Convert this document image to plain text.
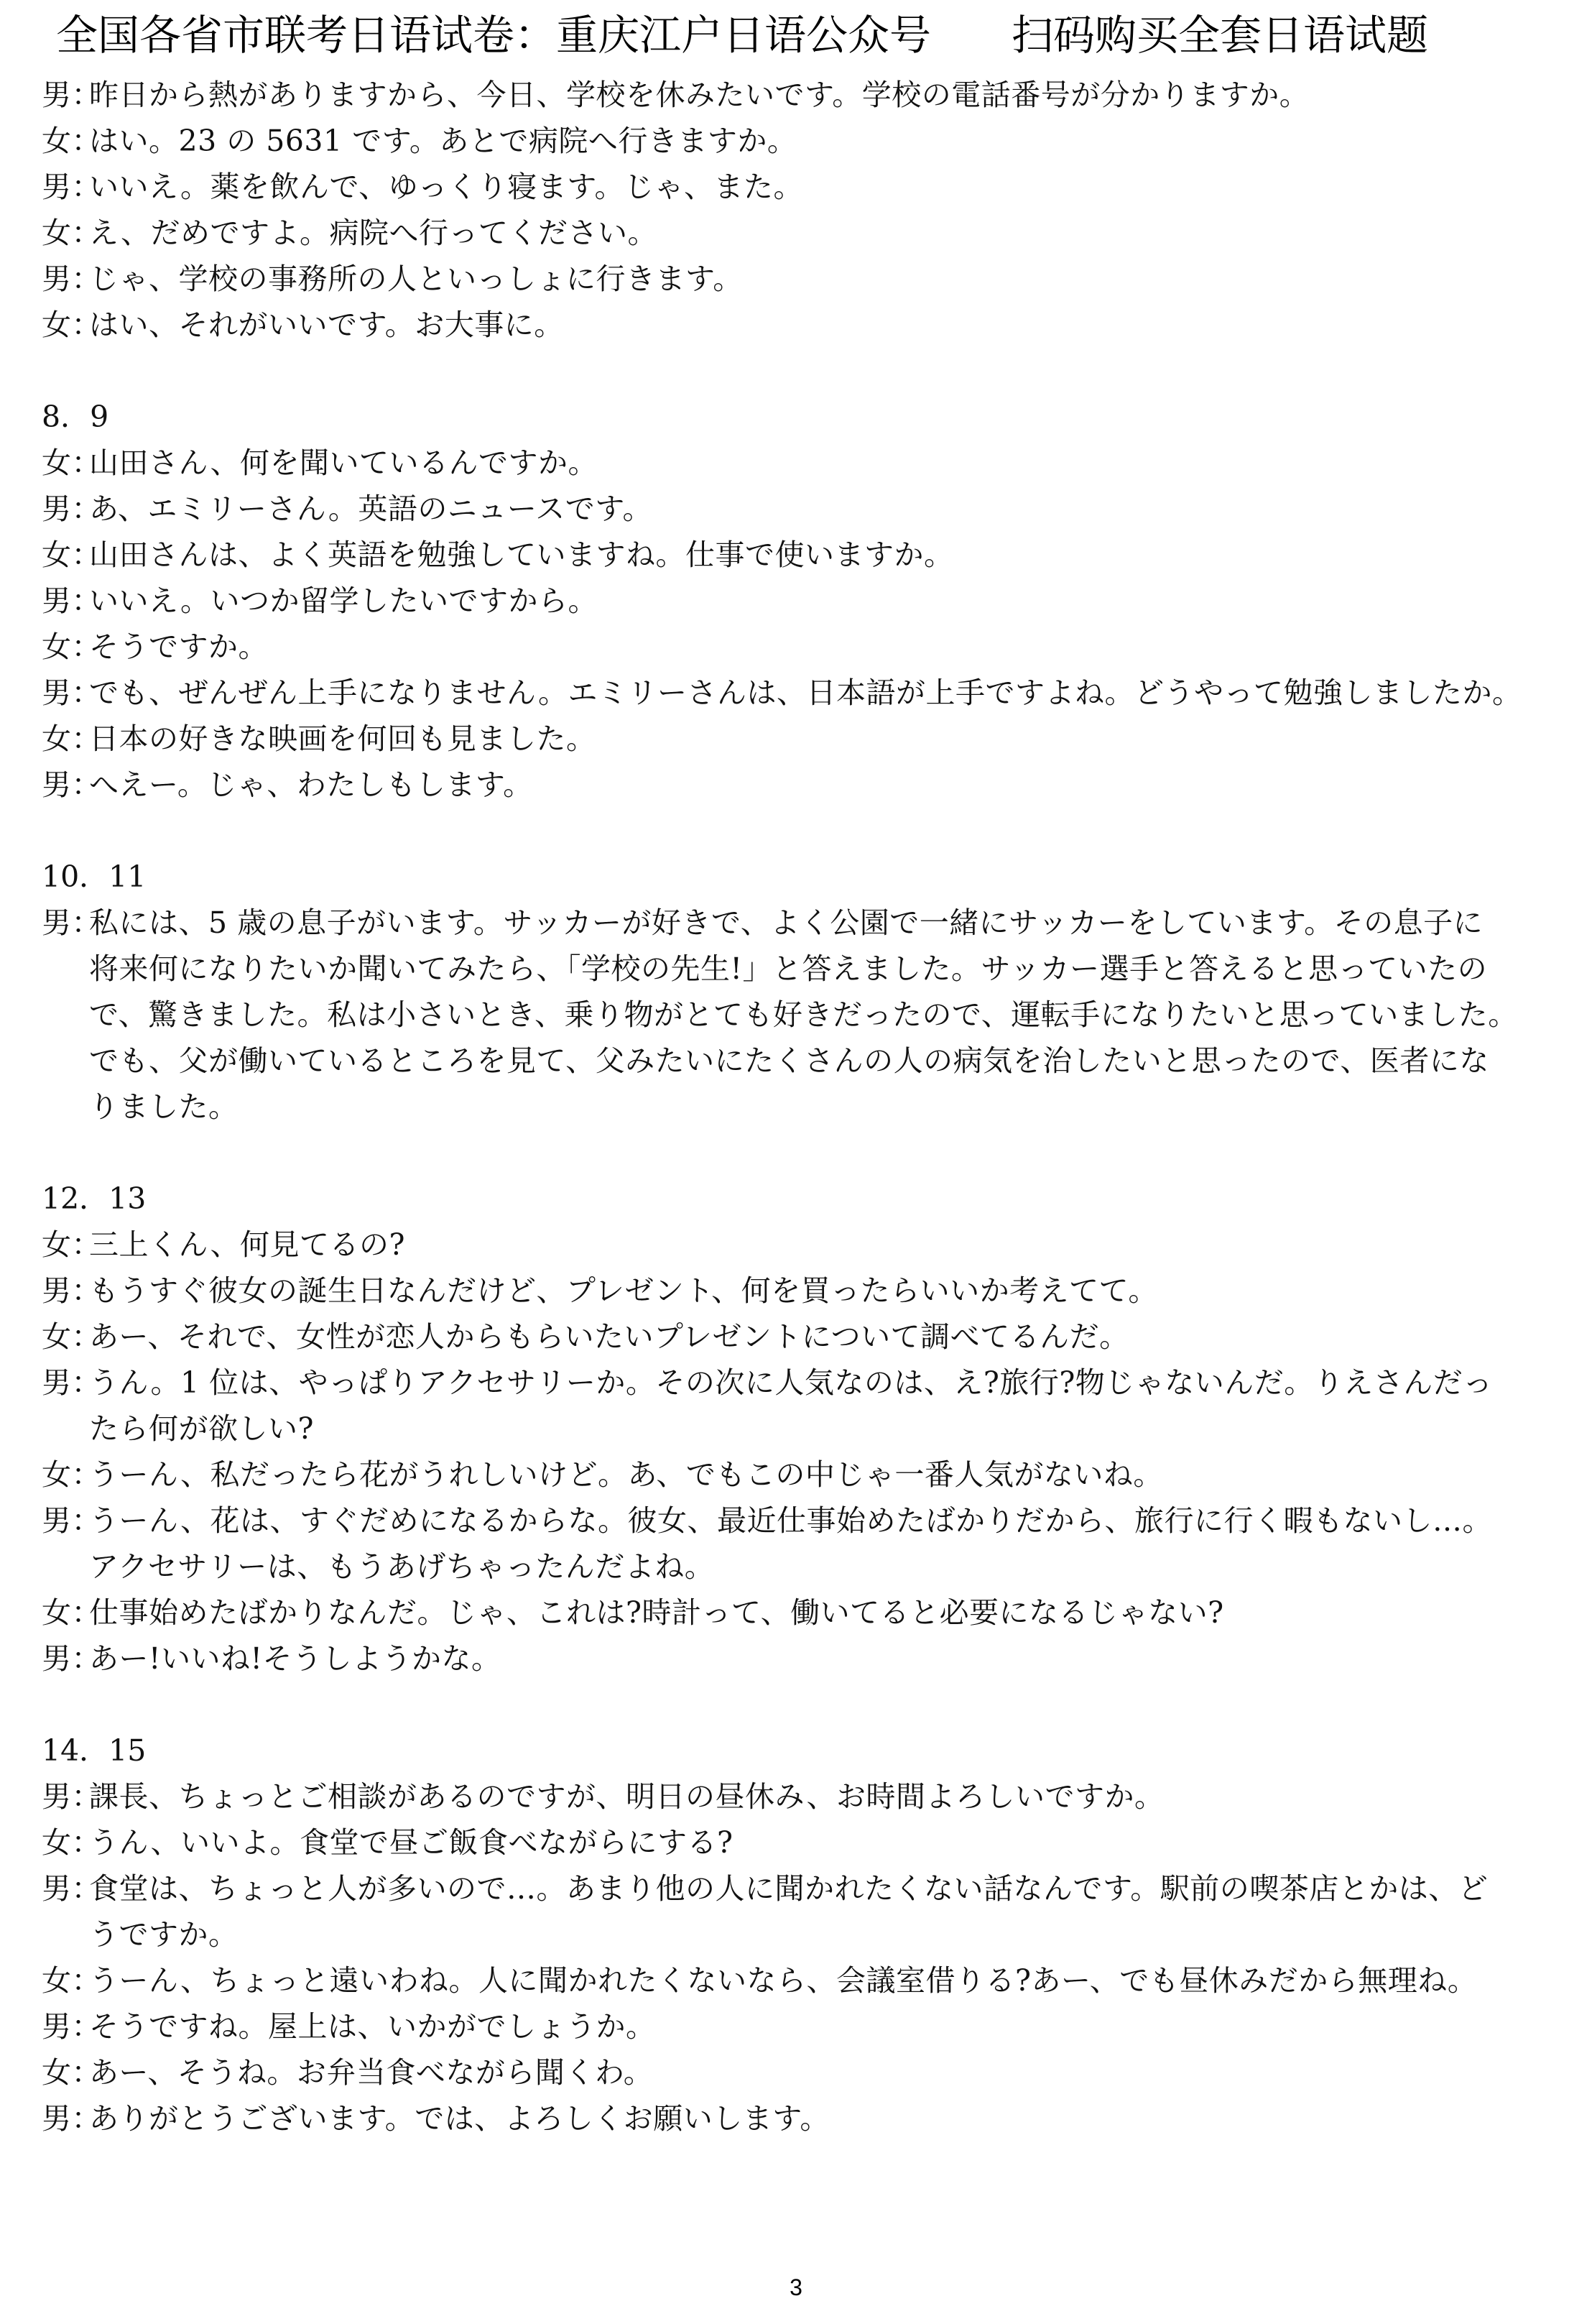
全国各省市联考日语试卷：重庆江户日语公众号 扫码购买全套日语试题
男：
昨日から熱がありますから、今日、学校を休みたいです。学校の電話番号が分かりますか。
女：
はい。23 の 5631 です。あとで病院へ行きますか。
男：
いいえ。薬を飲んで、ゆっくり寝ます。じゃ、また。
女：
え、だめですよ。病院へ行ってください。
男：
じゃ、学校の事務所の人といっしょに行きます。
女：
はい、それがいいです。お大事に。
8．9
女：
山田さん、何を聞いているんですか。
男：
あ、エミリーさん。英語のニュースです。
女：
山田さんは、よく英語を勉強していますね。仕事で使いますか。
男：
いいえ。いつか留学したいですから。
女：
そうですか。
男：
でも、ぜんぜん上手になりません。エミリーさんは、日本語が上手ですよね。どうやって勉強しましたか。
女：
日本の好きな映画を何回も見ました。
男：
へえー。じゃ、わたしもします。
10．11
男：
私には、5 歳の息子がいます。サッカーが好きで、よく公園で一緒にサッカーをしています。その息子に
将来何になりたいか聞いてみたら、「学校の先生!」と答えました。サッカー選手と答えると思っていたの
で、驚きました。私は小さいとき、乗り物がとても好きだったので、運転手になりたいと思っていました。
でも、父が働いているところを見て、父みたいにたくさんの人の病気を治したいと思ったので、医者にな
りました。
12．13
女：
三上くん、何見てるの?
男：
もうすぐ彼女の誕生日なんだけど、プレゼント、何を買ったらいいか考えてて。
女：
あー、それで、女性が恋人からもらいたいプレゼントについて調べてるんだ。
男：
うん。1 位は、やっぱりアクセサリーか。その次に人気なのは、え?旅行?物じゃないんだ。りえさんだっ
たら何が欲しい?
女：
うーん、私だったら花がうれしいけど。あ、でもこの中じゃ一番人気がないね。
男：
うーん、花は、すぐだめになるからな。彼女、最近仕事始めたばかりだから、旅行に行く暇もないし…。
アクセサリーは、もうあげちゃったんだよね。
女：
仕事始めたばかりなんだ。じゃ、これは?時計って、働いてると必要になるじゃない?
男：
あー!いいね!そうしようかな。
14．15
男：
課長、ちょっとご相談があるのですが、明日の昼休み、お時間よろしいですか。
女：
うん、いいよ。食堂で昼ご飯食べながらにする?
男：
食堂は、ちょっと人が多いので…。あまり他の人に聞かれたくない話なんです。駅前の喫茶店とかは、ど
うですか。
女：
うーん、ちょっと遠いわね。人に聞かれたくないなら、会議室借りる?あー、でも昼休みだから無理ね。
男：
そうですね。屋上は、いかがでしょうか。
女：
あー、そうね。お弁当食べながら聞くわ。
男：
ありがとうございます。では、よろしくお願いします。
3
